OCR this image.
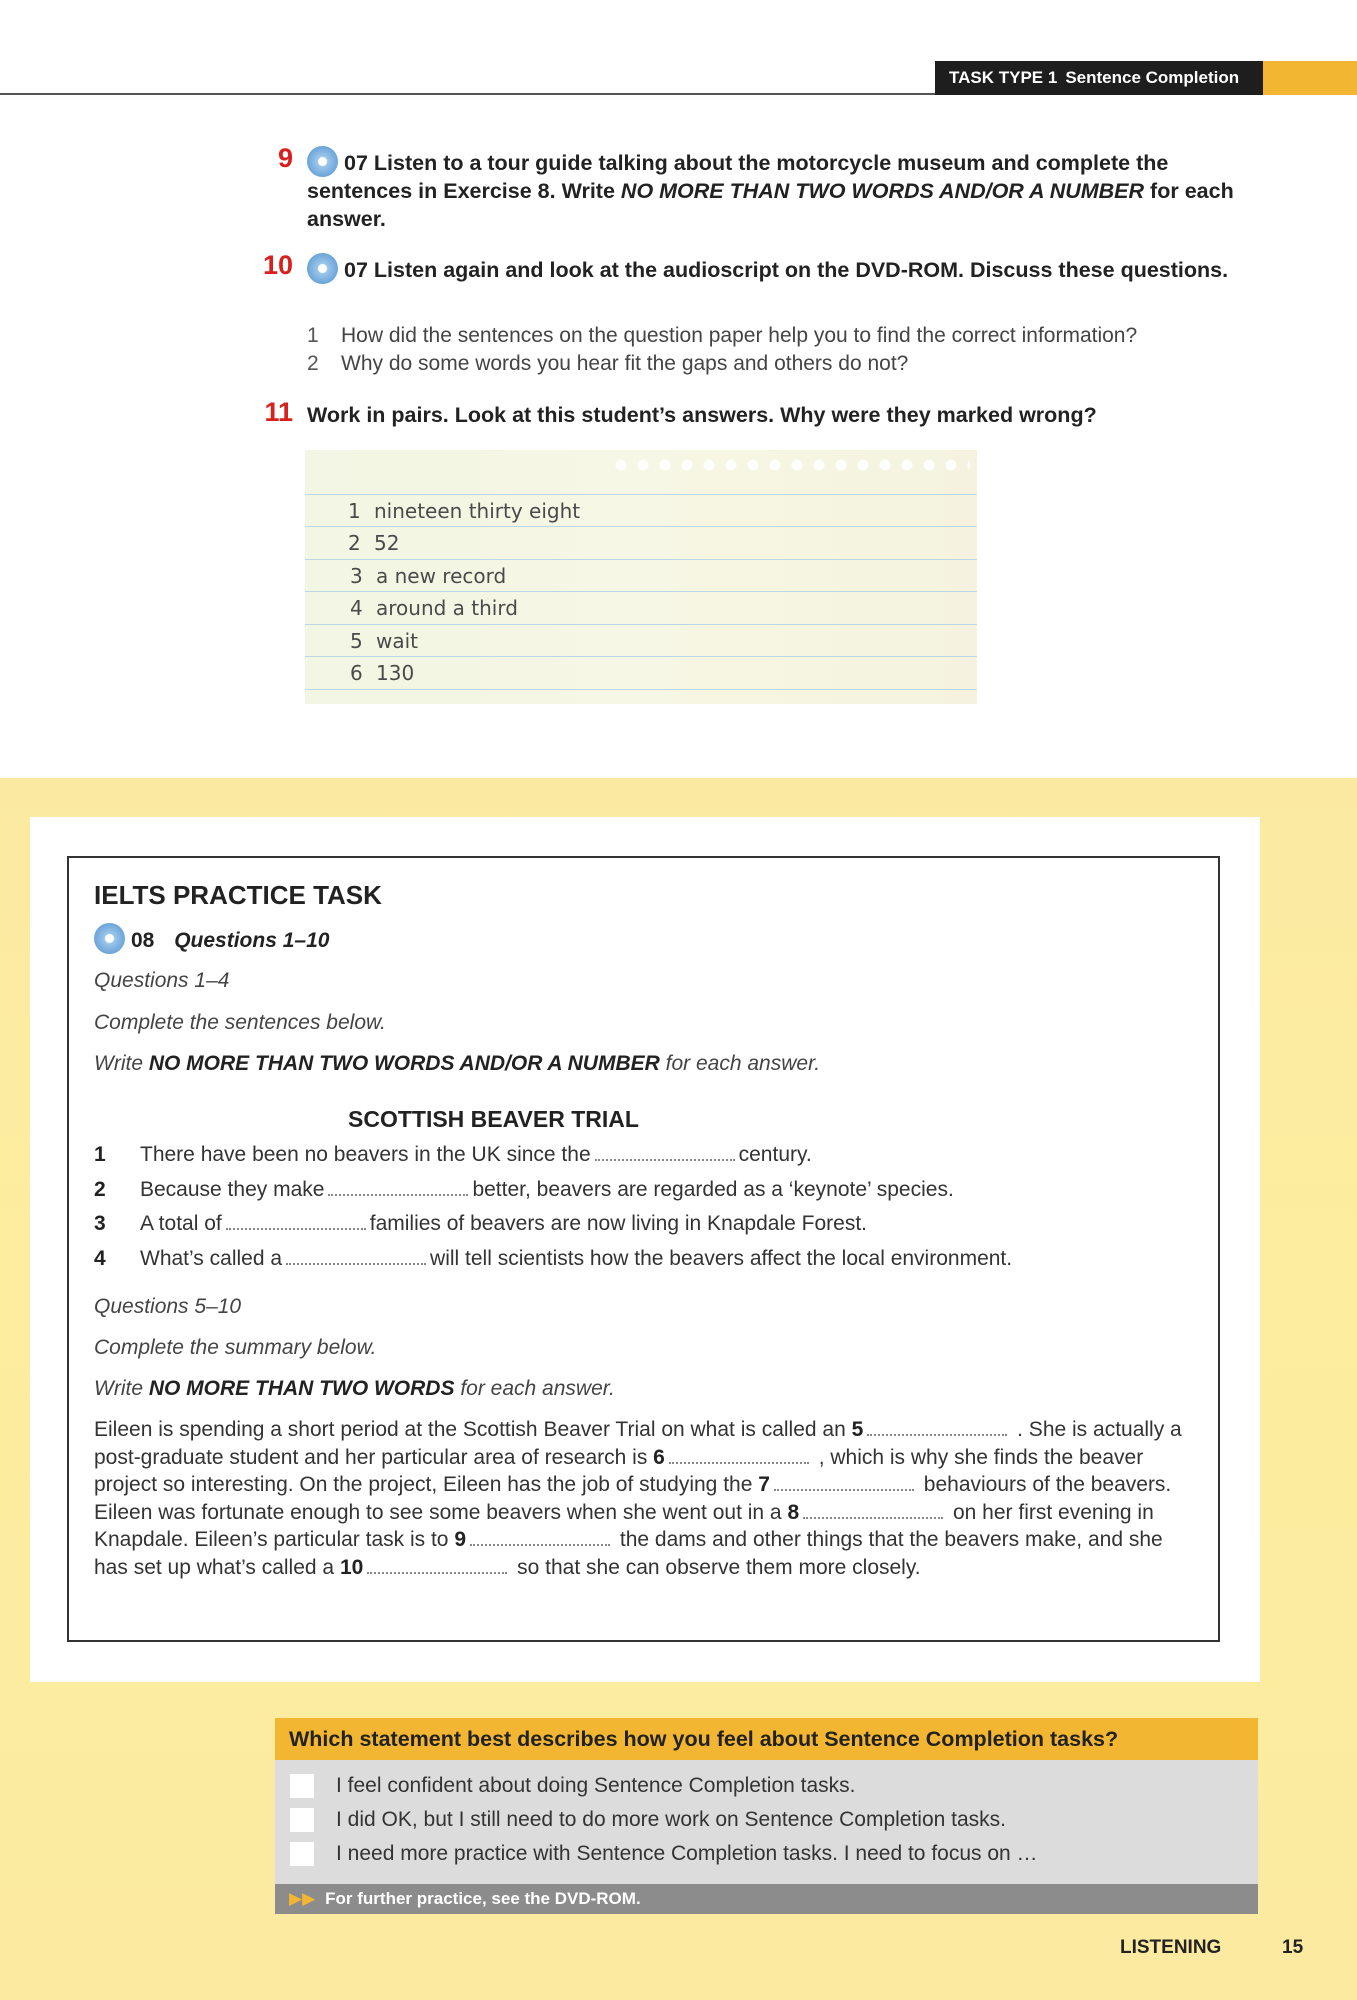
TASK TYPE 1 Sentence Completion
9	07 Listen to a tour guide talking about the motorcycle museum and complete the sentences in Exercise 8. Write NO MORE THAN TWO WORDS AND/OR A NUMBER for each answer.
10	07 Listen again and look at the audioscript on the DVD-ROM. Discuss these questions.
1 How did the sentences on the question paper help you to find the correct information?
2 Why do some words you hear fit the gaps and others do not?
11 Work in pairs. Look at this student’s answers. Why were they marked wrong?
1 nineteen thirty eight
2 52
3 a new record
4 around a third
5 wait
6 130
IELTS PRACTICE TASK
08 Questions 1–10
Questions 1–4
Complete the sentences below.
Write NO MORE THAN TWO WORDS AND/OR A NUMBER for each answer.
SCOTTISH BEAVER TRIAL
1 There have been no beavers in the UK since the	century.
2 Because they make	better, beavers are regarded as a ‘keynote’ species.
3 A total of	families of beavers are now living in Knapdale Forest.
4 What’s called a	will tell scientists how the beavers affect the local environment.
Questions 5–10
Complete the summary below.
Write NO MORE THAN TWO WORDS for each answer.
Eileen is spending a short period at the Scottish Beaver Trial on what is called an 5	. She is actually a post-graduate student and her particular area of research is 6	, which is why she finds the beaver project so interesting. On the project, Eileen has the job of studying the 7	behaviours of the beavers. Eileen was fortunate enough to see some beavers when she went out in a 8	on her first evening in Knapdale. Eileen’s particular task is to 9	the dams and other things that the beavers make, and she has set up what’s called a 10	so that she can observe them more closely.
Which statement best describes how you feel about Sentence Completion tasks?
I feel confident about doing Sentence Completion tasks.
I did OK, but I still need to do more work on Sentence Completion tasks.
I need more practice with Sentence Completion tasks. I need to focus on …
▶▶ For further practice, see the DVD-ROM.
LISTENING	15
